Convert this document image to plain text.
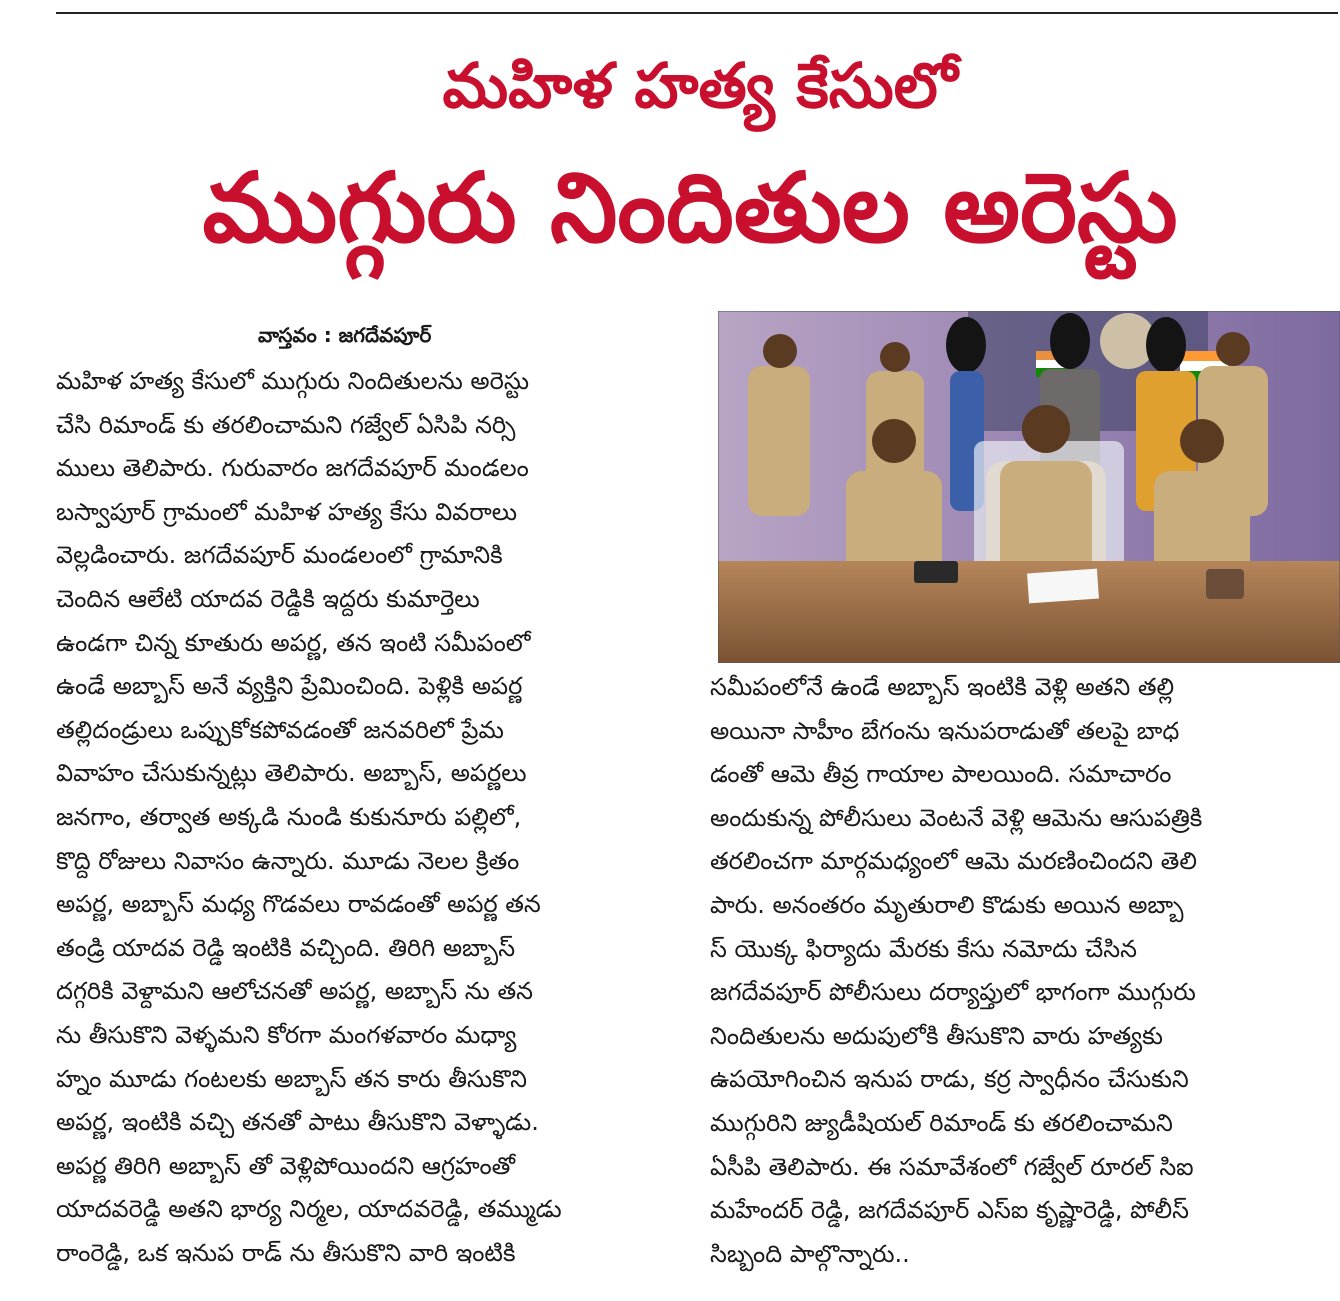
మహిళ హత్య కేసులో
ముగ్గురు నిందితుల అరెస్టు
వాస్తవం : జగదేవపూర్
మహిళ హత్య కేసులో ముగ్గురు నిందితులను అరెస్టు
చేసి రిమాండ్ కు తరలించామని గజ్వేల్ ఏసిపి నర్సి
ములు తెలిపారు. గురువారం జగదేవపూర్ మండలం
బస్వాపూర్ గ్రామంలో మహిళ హత్య కేసు వివరాలు
వెల్లడించారు. జగదేవపూర్ మండలంలో గ్రామానికి
చెందిన ఆలేటి యాదవ రెడ్డికి ఇద్దరు కుమార్తెలు
ఉండగా చిన్న కూతురు అపర్ణ, తన ఇంటి సమీపంలో
ఉండే అబ్బాస్ అనే వ్యక్తిని ప్రేమించింది. పెళ్లికి అపర్ణ
తల్లిదండ్రులు ఒప్పుకోకపోవడంతో జనవరిలో ప్రేమ
వివాహం చేసుకున్నట్లు తెలిపారు. అబ్బాస్, అపర్ణలు
జనగాం, తర్వాత అక్కడి నుండి కుకునూరు పల్లిలో,
కొద్ది రోజులు నివాసం ఉన్నారు. మూడు నెలల క్రితం
అపర్ణ, అబ్బాస్ మధ్య గొడవలు రావడంతో అపర్ణ తన
తండ్రి యాదవ రెడ్డి ఇంటికి వచ్చింది. తిరిగి అబ్బాస్
దగ్గరికి వెళ్దామని ఆలోచనతో అపర్ణ, అబ్బాస్ ను తన
ను తీసుకొని వెళ్ళమని కోరగా మంగళవారం మధ్యా
హ్నం మూడు గంటలకు అబ్బాస్ తన కారు తీసుకొని
అపర్ణ, ఇంటికి వచ్చి తనతో పాటు తీసుకొని వెళ్ళాడు.
అపర్ణ తిరిగి అబ్బాస్ తో వెళ్లిపోయిందని ఆగ్రహంతో
యాదవరెడ్డి అతని భార్య నిర్మల, యాదవరెడ్డి, తమ్ముడు
రాంరెడ్డి, ఒక ఇనుప రాడ్ ను తీసుకొని వారి ఇంటికి
సమీపంలోనే ఉండే అబ్బాస్ ఇంటికి వెళ్లి అతని తల్లి
అయినా సాహీం బేగంను ఇనుపరాడుతో తలపై బాధ
డంతో ఆమె తీవ్ర గాయాల పాలయింది. సమాచారం
అందుకున్న పోలీసులు వెంటనే వెళ్లి ఆమెను ఆసుపత్రికి
తరలించగా మార్గమధ్యంలో ఆమె మరణించిందని తెలి
పారు. అనంతరం మృతురాలి కొడుకు అయిన అబ్బా
స్ యొక్క ఫిర్యాదు మేరకు కేసు నమోదు చేసిన
జగదేవపూర్ పోలీసులు దర్యాప్తులో భాగంగా ముగ్గురు
నిందితులను అదుపులోకి తీసుకొని వారు హత్యకు
ఉపయోగించిన ఇనుప రాడు, కర్ర స్వాధీనం చేసుకుని
ముగ్గురిని జ్యుడీషియల్ రిమాండ్ కు తరలించామని
ఏసీపి తెలిపారు. ఈ సమావేశంలో గజ్వేల్ రూరల్ సిఐ
మహేందర్ రెడ్డి, జగదేవపూర్ ఎస్ఐ కృష్ణారెడ్డి, పోలీస్
సిబ్బంది పాల్గొన్నారు..
